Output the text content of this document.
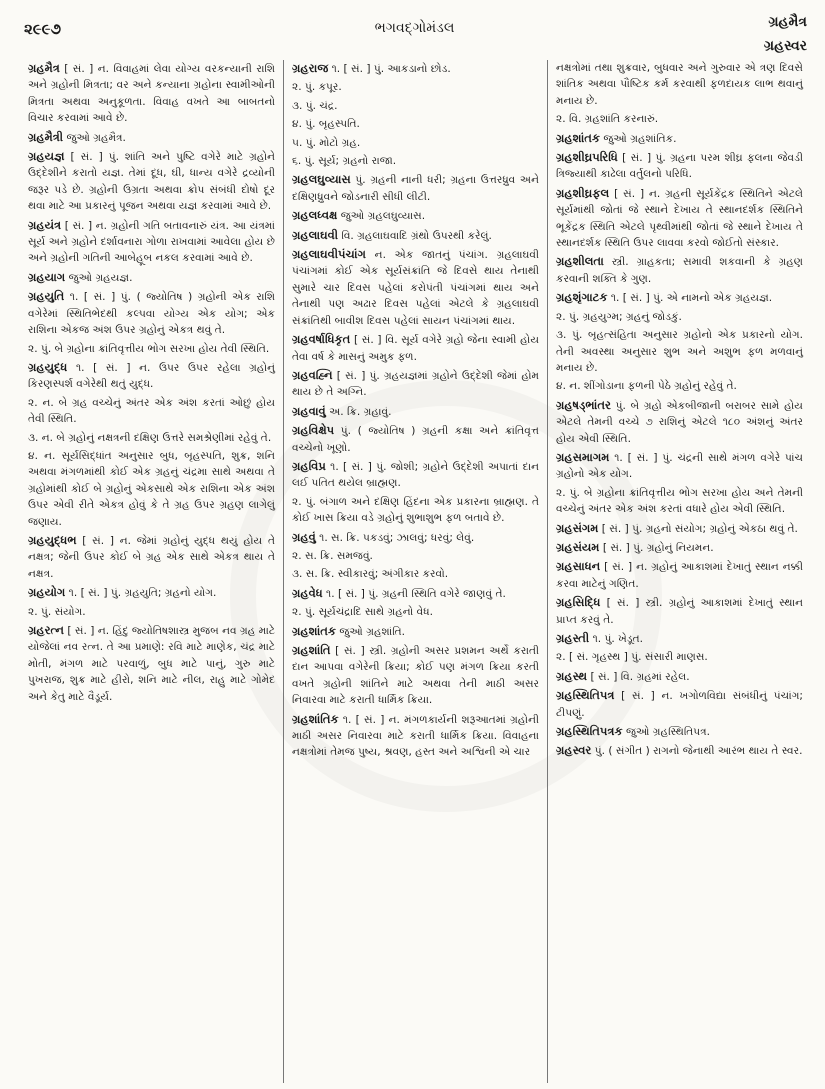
૨૯૯૭	ભગવદ્ગોમંડલ	ગ્રહમૈત્ર
ગ્રહસ્વર
ગ્રહમૈત્ર [ સં. ] ન. વિવાહમાં લેવા યોગ્ય વરકન્યાની રાશિ અને ગ્રહોની મિત્રતા; વર અને કન્યાના ગ્રહોના સ્વામીઓની મિત્રતા અથવા અનુકૂળતા. વિવાહ વખતે આ બાબતનો વિચાર કરવામાં આવે છે.
ગ્રહમૈત્રી જુઓ ગ્રહમૈત્ર.
ગ્રહયજ્ઞ [ સં. ] પું. શાંતિ અને પુષ્ટિ વગેરે માટે ગ્રહોને ઉદ્દેશીને કરાતો યજ્ઞ. તેમાં દૂધ, ઘી, ધાન્ય વગેરે દ્રવ્યોની જરૂર પડે છે. ગ્રહોની ઉગ્રતા અથવા ક્રોપ સંબંધી દોષો દૂર થવા માટે આ પ્રકારનું પૂજન અથવા યજ્ઞ કરવામાં આવે છે.
ગ્રહયંત્ર [ સં. ] ન. ગ્રહોની ગતિ બતાવનારું યંત્ર. આ યંત્રમાં સૂર્ય અને ગ્રહોને દર્શાવનારા ગોળા રાખવામાં આવેલા હોય છે અને ગ્રહોની ગતિની આબેહૂબ નકલ કરવામાં આવે છે.
ગ્રહયાગ જુઓ ગ્રહયજ્ઞ.
ગ્રહયુતિ ૧. [ સં. ] પું. ( જ્યોતિષ ) ગ્રહોની એક રાશિ વગેરેમાં સ્થિતિભેદથી કલ્પવા યોગ્ય એક યોગ; એક રાશિના એકજ અંશ ઉપર ગ્રહોનું એકત્ર થવું તે.
૨. પું. બે ગ્રહોના ક્રાંતિવૃત્તીય ભોગ સરખા હોય તેવી સ્થિતિ.
ગ્રહયુદ્ધ ૧. [ સં. ] ન. ઉપર ઉપર રહેલા ગ્રહોનું કિરણસ્પર્શ વગેરેથી થતું યુદ્ધ.
૨. ન. બે ગ્રહ વચ્ચેનું અંતર એક અંશ કરતાં ઓછું હોય તેવી સ્થિતિ.
૩. ન. બે ગ્રહોનું નક્ષત્રની દક્ષિણ ઉત્તરે સમશ્રેણીમાં રહેવું તે.
૪. ન. સૂર્યસિદ્ધાંત અનુસાર બુધ, બૃહસ્પતિ, શુક્ર, શનિ અથવા મંગળમાંથી કોઈ એક ગ્રહનું ચંદ્રમા સાથે અથવા તે ગ્રહોમાંથી કોઈ બે ગ્રહોનું એકસાથે એક રાશિના એક અંશ ઉપર એવી રીતે એકત્ર હોવું કે તે ગ્રહ ઉપર ગ્રહણ લાગેલું જણાય.
ગ્રહયુદ્ધભ [ સં. ] ન. જેમાં ગ્રહોનું યુદ્ધ થયું હોય તે નક્ષત્ર; જેની ઉપર કોઈ બે ગ્રહ એક સાથે એકત્ર થાય તે નક્ષત્ર.
ગ્રહયોગ ૧. [ સં. ] પું. ગ્રહયુતિ; ગ્રહનો યોગ.
૨. પું. સંયોગ.
ગ્રહરત્ન [ સં. ] ન. હિંદુ જ્યોતિષશાસ્ત્ર મુજબ નવ ગ્રહ માટે યોજેલાં નવ રત્ન. તે આ પ્રમાણે: રવિ માટે માણેક, ચંદ્ર માટે મોતી, મંગળ માટે પરવાળું, બુધ માટે પાનું, ગુરુ માટે પુખરાજ, શુક્ર માટે હીરો, શનિ માટે નીલ, રાહુ માટે ગોમેદ અને કેતુ માટે વૈડૂર્ય.
ગ્રહરાજ ૧. [ સં. ] પું. આકડાનો છોડ.
૨. પું. કપૂર.
૩. પું. ચંદ્ર.
૪. પું. બૃહસ્પતિ.
૫. પું. મોટો ગ્રહ.
૬. પું. સૂર્ય; ગ્રહનો રાજા.
ગ્રહલઘુવ્યાસ પું. ગ્રહની નાની ધરી; ગ્રહના ઉત્તરધ્રુવ અને દક્ષિણધ્રુવને જોડનારી સીધી લીટી.
ગ્રહલધ્વક્ષ જુઓ ગ્રહલઘુવ્યાસ.
ગ્રહલાઘવી વિ. ગ્રહલાઘવાદિ ગ્રંથો ઉપરથી કરેલું.
ગ્રહલાઘવીપંચાંગ ન. એક જાતનું પંચાંગ. ગ્રહલાઘવી પંચાંગમાં કોઈ એક સૂર્યસંક્રાંતિ જે દિવસે થાય તેનાથી સુમારે ચાર દિવસ પહેલાં કરોપંતી પંચાંગમાં થાય અને તેનાથી પણ અઢાર દિવસ પહેલાં એટલે કે ગ્રહલાઘવી સંક્રાંતિથી બાવીશ દિવસ પહેલાં સાયન પંચાંગમાં થાય.
ગ્રહવર્ષાધિકૃત [ સં. ] વિ. સૂર્ય વગેરે ગ્રહો જેના સ્વામી હોય તેવા વર્ષ કે માસનું અમુક ફળ.
ગ્રહવહ્નિ [ સં. ] પું. ગ્રહયજ્ઞમાં ગ્રહોને ઉદ્દેશી જેમાં હોમ થાય છે તે અગ્નિ.
ગ્રહવાવું અ. ક્રિ. ગ્રહાવું.
ગ્રહવિક્ષેપ પું. ( જ્યોતિષ ) ગ્રહની કક્ષા અને ક્રાંતિવૃત્ત વચ્ચેનો ખૂણો.
ગ્રહવિપ્ર ૧. [ સં. ] પું. જોશી; ગ્રહોને ઉદ્દેશી અપાતાં દાન લઈ પતિત થયેલ બ્રાહ્મણ.
૨. પું. બંગાળ અને દક્ષિણ હિંદના એક પ્રકારના બ્રાહ્મણ. તે કોઈ ખાસ ક્રિયા વડે ગ્રહોનું શુભાશુભ ફળ બતાવે છે.
ગ્રહવું ૧. સ. ક્રિ. પકડવું; ઝાલવું; ધરવું; લેવું.
૨. સ. ક્રિ. સમજવું.
૩. સ. ક્રિ. સ્વીકારવું; અંગીકાર કરવો.
ગ્રહવેધ ૧. [ સં. ] પું. ગ્રહની સ્થિતિ વગેરે જાણવું તે.
૨. પું. સૂર્યચંદ્રાદિ સાથે ગ્રહનો વેધ.
ગ્રહશાંતક જુઓ ગ્રહશાંતિ.
ગ્રહશાંતિ [ સં. ] સ્ત્રી. ગ્રહોની અસર પ્રશમન અર્થે કરાતી દાન આપવા વગેરેની ક્રિયા; કોઈ પણ મંગળ ક્રિયા કરતી વખતે ગ્રહોની શાંતિને માટે અથવા તેની માઠી અસર નિવારવા માટે કરાતી ધાર્મિક ક્રિયા.
ગ્રહશાંતિક ૧. [ સં. ] ન. મંગળકાર્યની શરૂઆતમાં ગ્રહોની માઠી અસર નિવારવા માટે કરાતી ધાર્મિક ક્રિયા. વિવાહના નક્ષત્રોમાં તેમજ પુષ્ય, શ્રવણ, હસ્ત અને અશ્વિની એ ચાર
નક્ષત્રોમાં તથા શુક્રવાર, બુધવાર અને ગુરુવાર એ ત્રણ દિવસે શાંતિક અથવા પૌષ્ટિક કર્મ કરવાથી ફળદાયક લાભ થવાનું મનાય છે.
૨. વિ. ગ્રહશાંતિ કરનારું.
ગ્રહશાંતક જુઓ ગ્રહશાંતિક.
ગ્રહશીઘ્રપરિધિ [ સં. ] પું. ગ્રહના પરમ શીઘ્ર ફલના જેવડી ત્રિજ્યાથી કાઢેલા વર્તુલનો પરિધિ.
ગ્રહશીઘ્રફલ [ સં. ] ન. ગ્રહની સૂર્યકેંદ્રક સ્થિતિને એટલે સૂર્યમાંથી જોતાં જે સ્થાને દેખાય તે સ્થાનદર્શક સ્થિતિને ભૂકેંદ્રક સ્થિતિ એટલે પૃથ્વીમાંથી જોતાં જે સ્થાને દેખાય તે સ્થાનદર્શક સ્થિતિ ઉપર લાવવા કરવો જોઈતો સંસ્કાર.
ગ્રહશીલતા સ્ત્રી. ગ્રાહકતા; સમાવી શકવાની કે ગ્રહણ કરવાની શક્તિ કે ગુણ.
ગ્રહશૃંગાટક ૧. [ સં. ] પું. એ નામનો એક ગ્રહયજ્ઞ.
૨. પું. ગ્રહયુગ્મ; ગ્રહનું જોડકું.
૩. પું. બૃહત્સંહિતા અનુસાર ગ્રહોનો એક પ્રકારનો યોગ. તેની અવસ્થા અનુસાર શુભ અને અશુભ ફળ મળવાનું મનાય છે.
૪. ન. શીંગોડાના ફળની પેઠે ગ્રહોનું રહેવું તે.
ગ્રહષડ્ભાંતર પું. બે ગ્રહો એકબીજાની બરાબર સામે હોય એટલે તેમની વચ્ચે ૭ રાશિનું એટલે ૧૮૦ અંશનું અંતર હોય એવી સ્થિતિ.
ગ્રહસમાગમ ૧. [ સં. ] પું. ચંદ્રની સાથે મંગળ વગેરે પાંચ ગ્રહોનો એક યોગ.
૨. પું. બે ગ્રહોના ક્રાંતિવૃત્તીય ભોગ સરખા હોય અને તેમની વચ્ચેનું અંતર એક અંશ કરતાં વધારે હોય એવી સ્થિતિ.
ગ્રહસંગમ [ સં. ] પું. ગ્રહનો સંયોગ; ગ્રહોનું એકઠા થવું તે.
ગ્રહસંયમ [ સં. ] પું. ગ્રહોનું નિયમન.
ગ્રહસાધન [ સં. ] ન. ગ્રહોનું આકાશમાં દેખાતું સ્થાન નક્કી કરવા માટેનું ગણિત.
ગ્રહસિદ્ધિ [ સં. ] સ્ત્રી. ગ્રહોનું આકાશમાં દેખાતું સ્થાન પ્રાપ્ત કરવું તે.
ગ્રહસ્તી ૧. પું. ખેડૂત.
૨. [ સં. ગૃહસ્થ ] પું. સંસારી માણસ.
ગ્રહસ્થ [ સં. ] વિ. ગ્રહમાં રહેલ.
ગ્રહસ્થિતિપત્ર [ સં. ] ન. ખગોળવિદ્યા સંબંધીનું પંચાંગ; ટીપણું.
ગ્રહસ્થિતિપત્રક જુઓ ગ્રહસ્થિતિપત્ર.
ગ્રહસ્વર પું. ( સંગીત ) રાગનો જેનાથી આરંભ થાય તે સ્વર.
